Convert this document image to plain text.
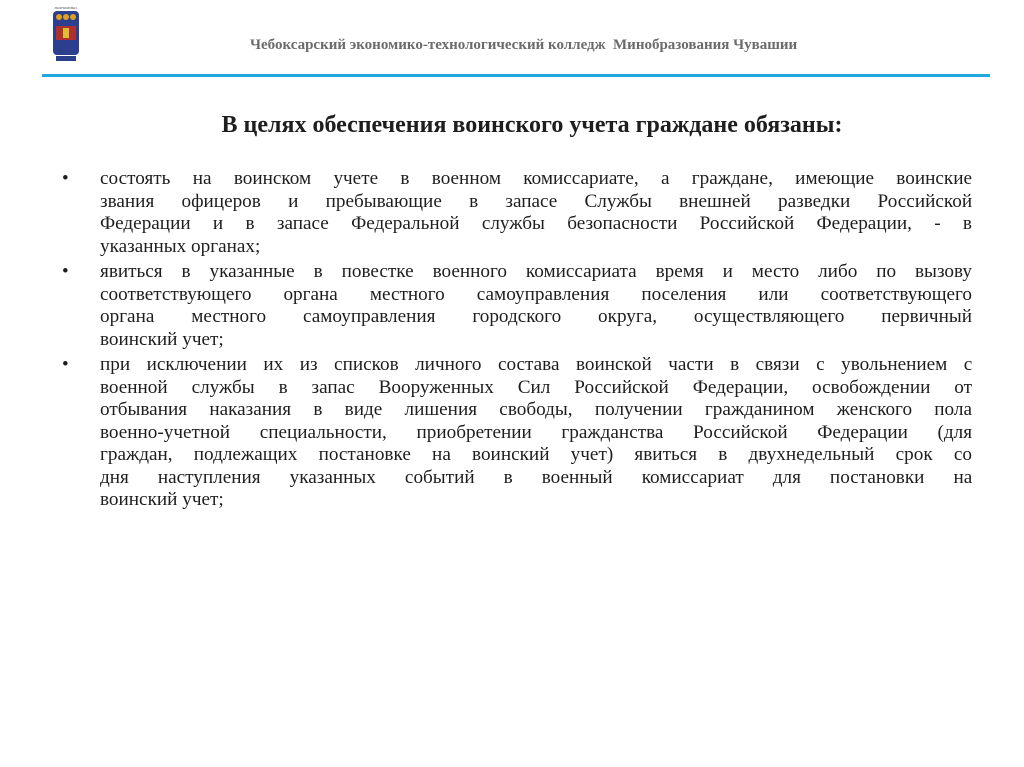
ЭКОНОМИКО-
Чебоксарский экономико-технологический колледж  Минобразования Чувашии
В целях обеспечения воинского учета граждане обязаны:
• состоять на воинском учете в военном комиссариате, а граждане, имеющие воинские
звания офицеров и пребывающие в запасе Службы внешней разведки Российской
Федерации и в запасе Федеральной службы безопасности Российской Федерации, - в
указанных органах;
• явиться в указанные в повестке военного комиссариата время и место либо по вызову
соответствующего органа местного самоуправления поселения или соответствующего
органа местного самоуправления городского округа, осуществляющего первичный
воинский учет;
• при исключении их из списков личного состава воинской части в связи с увольнением с
военной службы в запас Вооруженных Сил Российской Федерации, освобождении от
отбывания наказания в виде лишения свободы, получении гражданином женского пола
военно-учетной специальности, приобретении гражданства Российской Федерации (для
граждан, подлежащих постановке на воинский учет) явиться в двухнедельный срок со
дня наступления указанных событий в военный комиссариат для постановки на
воинский учет;
